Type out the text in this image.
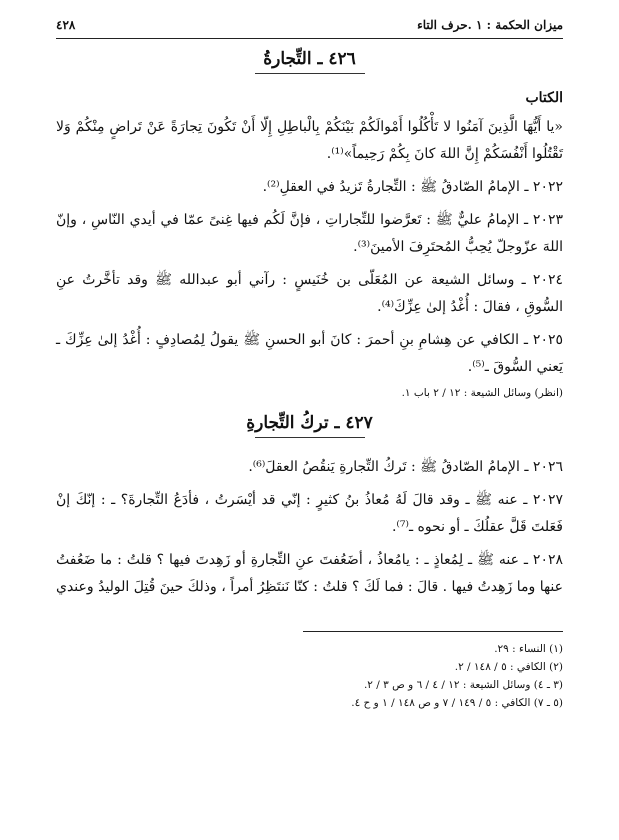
ميزان الحكمة : ١ .حرف التاء
٤٢٨
٤٢٦ ـ التِّجارةُ
الكتاب

«يا أَيُّهَا الَّذِينَ آمَنُوا لا تَأْكُلُوا أَمْوالَكُمْ بَيْنَكُمْ بِالْباطِلِ إِلّا أَنْ تَكُونَ تِجارَةً عَنْ تَراضٍ مِنْكُمْ وَلا تَقْتُلُوا أَنْفُسَكُمْ إِنَّ اللهَ كانَ بِكُمْ رَحِيماً»⁽¹⁾.

٢٠٢٢ ـ الإمامُ الصّادقُ ﷺ : التِّجارةُ تَزيدُ في العقلِ⁽²⁾.

٢٠٢٣ ـ الإمامُ عليٌّ ﷺ : تَعرَّضوا للتِّجاراتِ ، فإنَّ لَكُم فيها غِنىً عمّا في أيدي النّاسِ ، وإنّ اللهَ عزّوجلّ يُحِبُّ المُحتَرِفَ الأمينَ⁽³⁾.

٢٠٢٤ ـ وسائل الشيعة عن المُعَلّى بن خُنَيسٍ : رآني أبو عبدالله ﷺ وقد تأخَّرتُ عنِ السُّوقِ ، فقالَ : أُغْدُ إلىٰ عِزِّكَ⁽⁴⁾.

٢٠٢٥ ـ الكافي عن هِشامِ بنِ أحمرَ : كانَ أبو الحسنِ ﷺ يقولُ لِمُصادِفٍ : أُغْدُ إلىٰ عِزِّكَ ـ يَعني السُّوقَ ـ⁽⁵⁾.

(انظر) وسائل الشيعة : ١٢ / ٢ باب ١.

٤٢٧ ـ تركُ التِّجارةِ

٢٠٢٦ ـ الإمامُ الصّادقُ ﷺ : تَركُ التِّجارةِ يَنقُصُ العقلَ⁽⁶⁾.

٢٠٢٧ ـ عنه ﷺ ـ وقد قالَ لَهُ مُعاذُ بنُ كثيرٍ : إنّي قد أيْسَرتُ ، فأدَعُ التِّجارةَ؟ ـ : إنّكَ إنْ فَعَلتَ قَلَّ عقلُكَ ـ أو نحوه ـ⁽⁷⁾.

٢٠٢٨ ـ عنه ﷺ ـ لِمُعاذٍ ـ : يامُعاذُ ، أضَعُفتَ عنِ التِّجارةِ أو زَهِدتَ فيها ؟ قلتُ : ما ضَعُفتُ عنها وما زَهِدتُ فيها . قالَ : فما لَكَ ؟ قلتُ : كنّا نَنتَظِرُ أمراً ، وذلكَ حينَ قُتِلَ الوليدُ وعندي

(١) النساء : ٢٩.

(٢) الكافي : ٥ / ١٤٨ / ٢.

(٣ ـ ٤) وسائل الشيعة : ١٢ / ٤ / ٦ و ص ٣ / ٢.

(٥ ـ ٧) الكافي : ٥ / ١٤٩ / ٧ و ص ١٤٨ / ١ و ح ٤.
